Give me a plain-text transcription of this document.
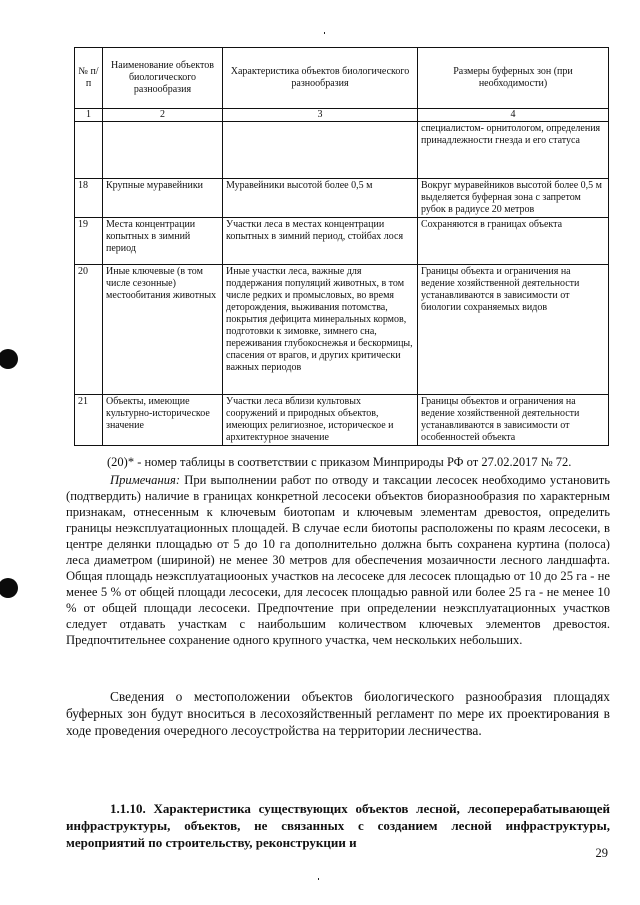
№ п/п	Наименование объектов биологического разнообразия	Характеристика объектов биологического разнообразия	Размеры буферных зон (при необходимости)
1	2	3	4
			специалистом- орнитологом, определения принадлежности гнезда и его статуса
18	Крупные муравейники	Муравейники высотой более 0,5 м	Вокруг муравейников высотой более 0,5 м выделяется буферная зона с запретом рубок в радиусе 20 метров
19	Места концентрации копытных в зимний период	Участки леса в местах концентрации копытных в зимний период, стойбах лося	Сохраняются в границах объекта
20	Иные ключевые (в том числе сезонные) местообитания животных	Иные участки леса, важные для поддержания популяций животных, в том числе редких и промысловых, во время деторождения, выживания потомства, покрытия дефицита минеральных кормов, подготовки к зимовке, зимнего сна, переживания глубокоснежья и бескормицы, спасения от врагов, и других критически важных периодов	Границы объекта и ограничения на ведение хозяйственной деятельности устанавливаются в зависимости от биологии сохраняемых видов
21	Объекты, имеющие культурно-историческое значение	Участки леса вблизи культовых сооружений и природных объектов, имеющих религиозное, историческое и архитектурное значение	Границы объектов и ограничения на ведение хозяйственной деятельности устанавливаются в зависимости от особенностей объекта
(20)* - номер таблицы в соответствии с приказом Минприроды РФ от 27.02.2017 № 72.

Примечания: При выполнении работ по отводу и таксации лесосек необходимо установить (подтвердить) наличие в границах конкретной лесосеки объектов биоразнообразия по характерным признакам, отнесенным к ключевым биотопам и ключевым элементам древостоя, определить границы неэксплуатационных площадей. В случае если биотопы расположены по краям лесосеки, в центре делянки площадью от 5 до 10 га дополнительно должна быть сохранена куртина (полоса) леса диаметром (шириной) не менее 30 метров для обеспечения мозаичности лесного ландшафта. Общая площадь неэксплуатациооных участков на лесосеке для лесосек площадью от 10 до 25 га - не менее 5 % от общей площади лесосеки, для лесосек площадью равной или более 25 га - не менее 10 % от общей площади лесосеки. Предпочтение при определении неэксплуатационных участков следует отдавать участкам с наибольшим количеством ключевых элементов древостоя. Предпочтительнее сохранение одного крупного участка, чем нескольких небольших.

Сведения о местоположении объектов биологического разнообразия площадях буферных зон будут вноситься в лесохозяйственный регламент по мере их проектирования в ходе проведения очередного лесоустройства на территории лесничества.

1.1.10. Характеристика существующих объектов лесной, лесоперерабатывающей инфраструктуры, объектов, не связанных с созданием лесной инфраструктуры, мероприятий по строительству, реконструкции и

29
